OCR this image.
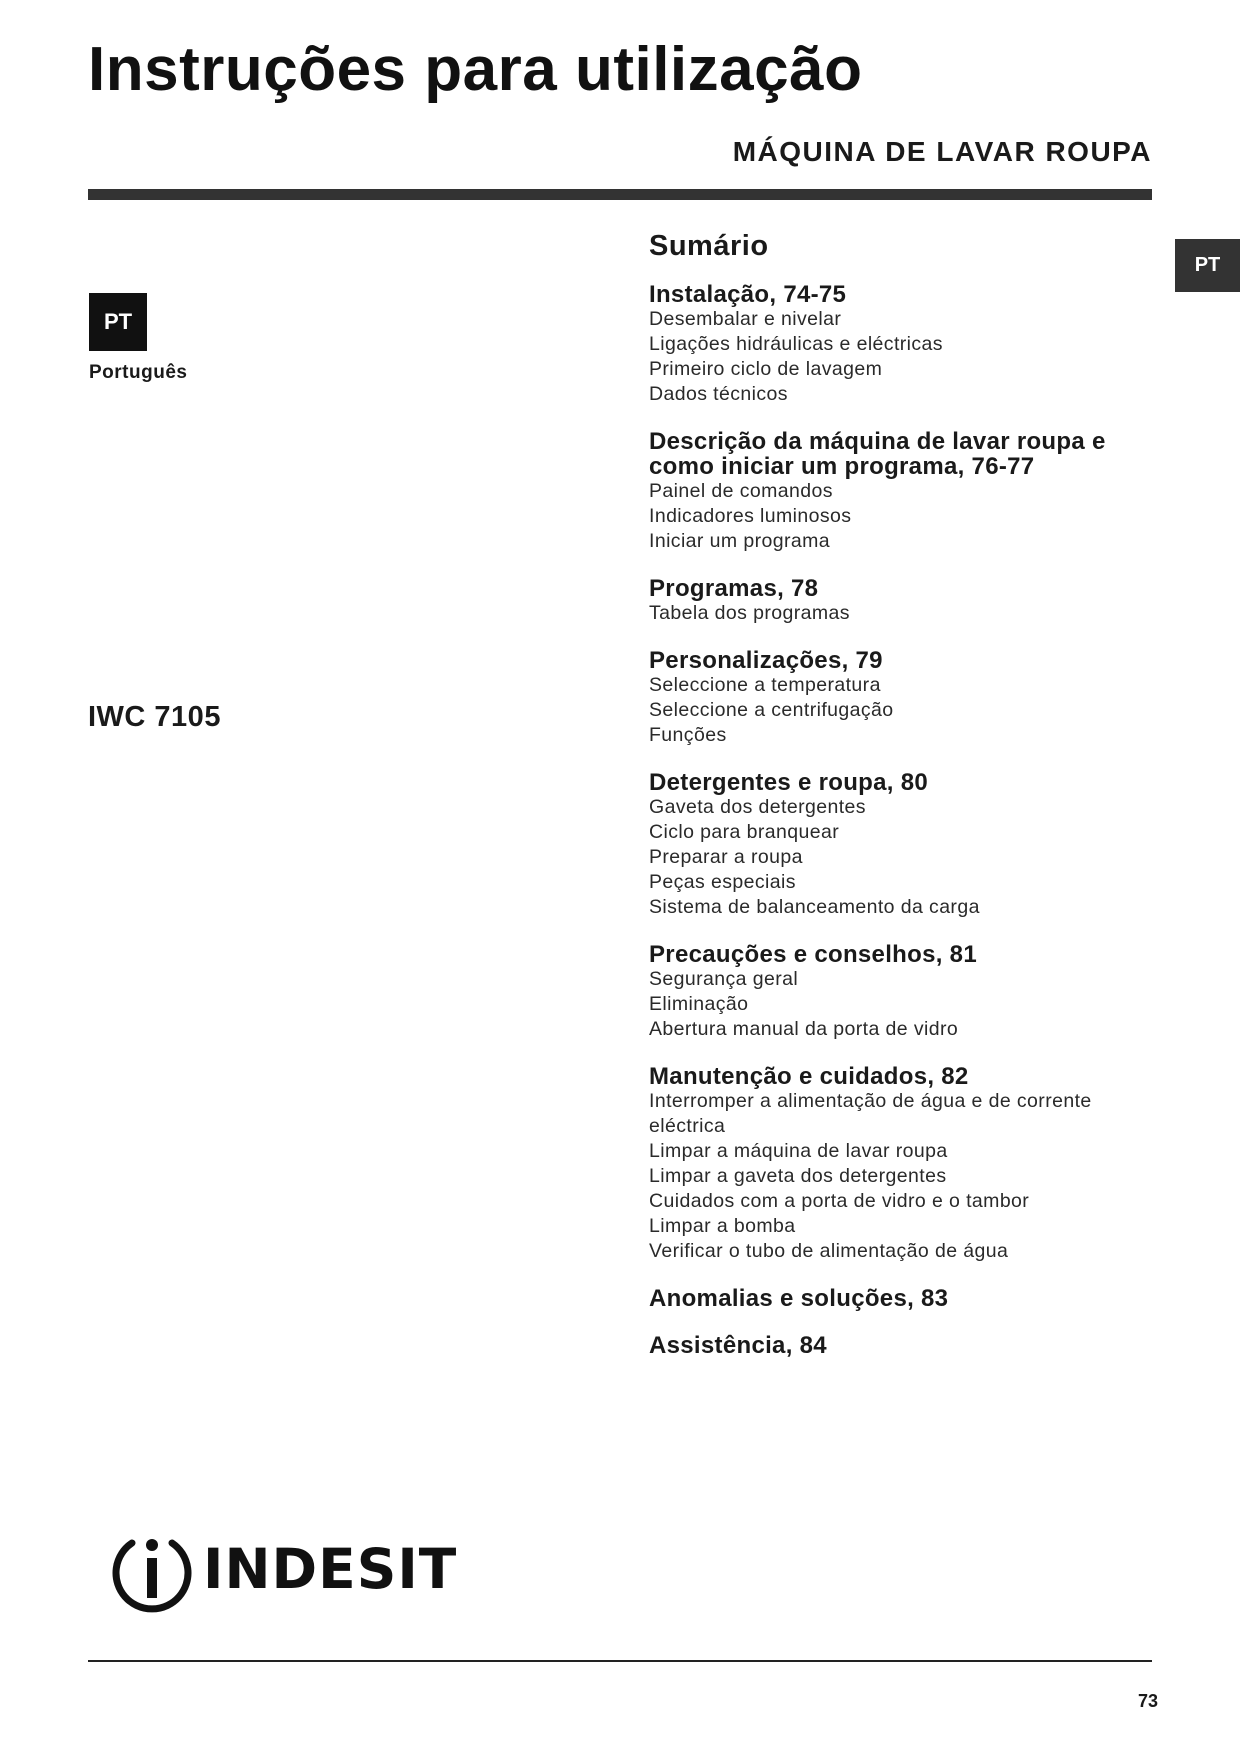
Instruções para utilização
MÁQUINA DE LAVAR ROUPA
PT
PT
Português
IWC 7105
Sumário
Instalação, 74-75
Desembalar e nivelar
Ligações hidráulicas e eléctricas
Primeiro ciclo de lavagem
Dados técnicos
Descrição da máquina de lavar roupa e como iniciar um programa, 76-77
Painel de comandos
Indicadores luminosos
Iniciar um programa
Programas, 78
Tabela dos programas
Personalizações, 79
Seleccione a temperatura
Seleccione a centrifugação
Funções
Detergentes e roupa, 80
Gaveta dos detergentes
Ciclo para branquear
Preparar a roupa
Peças especiais
Sistema de balanceamento da carga
Precauções e conselhos, 81
Segurança geral
Eliminação
Abertura manual da porta de vidro
Manutenção e cuidados, 82
Interromper a alimentação de água e de corrente eléctrica
Limpar a máquina de lavar roupa
Limpar a gaveta dos detergentes
Cuidados com a porta de vidro e o tambor
Limpar a bomba
Verificar o tubo de alimentação de água
Anomalias e soluções, 83
Assistência, 84
INDESIT
73
